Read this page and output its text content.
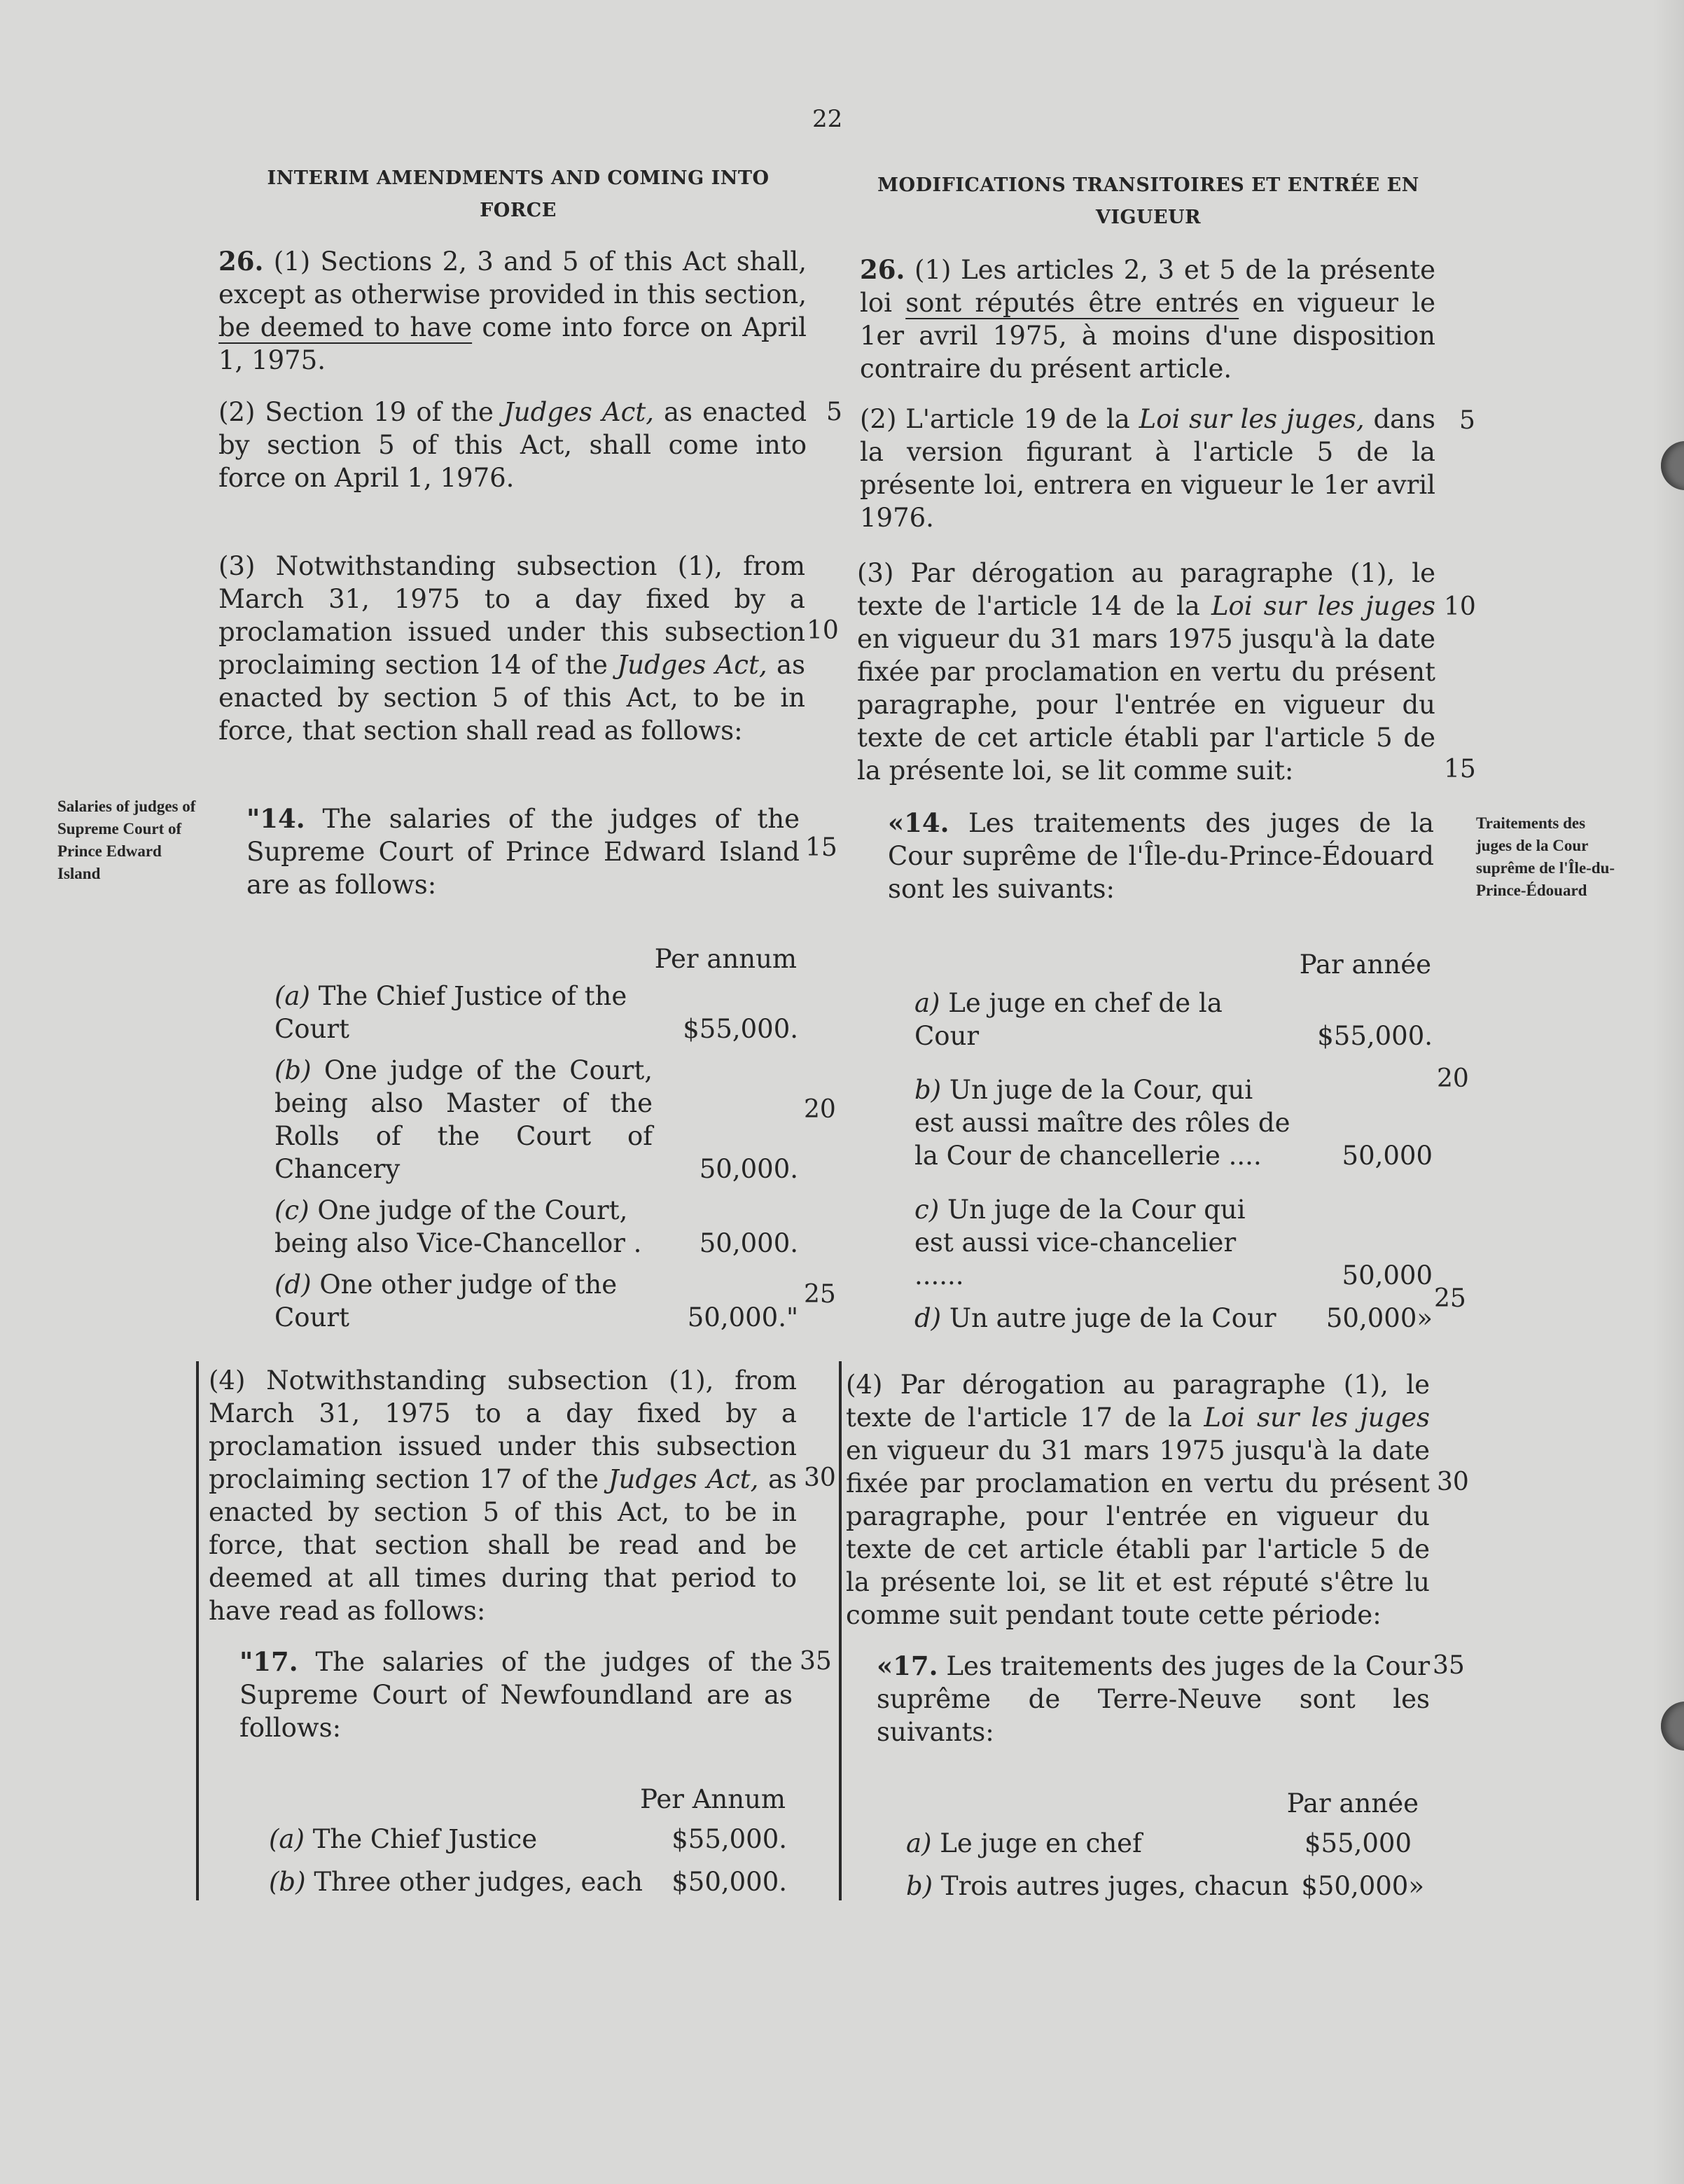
22
INTERIM AMENDMENTS AND COMING INTO FORCE
MODIFICATIONS TRANSITOIRES ET ENTRÉE EN VIGUEUR
Salaries of judges of Supreme Court of Prince Edward Island
Traitements des juges de la Cour suprême de l'Île-du-Prince-Édouard
5	5
10
10
15
15
20
20
25	25
30	30
35	35

26. (1) Sections 2, 3 and 5 of this Act shall, except as otherwise provided in this section, be deemed to have come into force on April 1, 1975.

(2) Section 19 of the Judges Act, as enacted by section 5 of this Act, shall come into force on April 1, 1976.

(3) Notwithstanding subsection (1), from March 31, 1975 to a day fixed by a proclamation issued under this subsection proclaiming section 14 of the Judges Act, as enacted by section 5 of this Act, to be in force, that section shall read as follows:

"14. The salaries of the judges of the Supreme Court of Prince Edward Island are as follows:

Per annum
(a) The Chief Justice of the Court	$55,000.
(b) One judge of the Court, being also Master of the Rolls of the Court of Chancery	50,000.
(c) One judge of the Court, being also Vice-Chancellor .	50,000.
(d) One other judge of the Court	50,000."

(4) Notwithstanding subsection (1), from March 31, 1975 to a day fixed by a proclamation issued under this subsection proclaiming section 17 of the Judges Act, as enacted by section 5 of this Act, to be in force, that section shall be read and be deemed at all times during that period to have read as follows:

"17. The salaries of the judges of the Supreme Court of Newfoundland are as follows:

Per Annum
(a) The Chief Justice	$55,000.
(b) Three other judges, each $50,000.

26. (1) Les articles 2, 3 et 5 de la présente loi sont réputés être entrés en vigueur le 1er avril 1975, à moins d'une disposition contraire du présent article.

(2) L'article 19 de la Loi sur les juges, dans la version figurant à l'article 5 de la présente loi, entrera en vigueur le 1er avril 1976.

(3) Par dérogation au paragraphe (1), le texte de l'article 14 de la Loi sur les juges en vigueur du 31 mars 1975 jusqu'à la date fixée par proclamation en vertu du présent paragraphe, pour l'entrée en vigueur du texte de cet article établi par l'article 5 de la présente loi, se lit comme suit:

«14. Les traitements des juges de la Cour suprême de l'Île-du-Prince-Édouard sont les suivants:

Par année
a) Le juge en chef de la Cour	$55,000.
b) Un juge de la Cour, qui est aussi maître des rôles de la Cour de chancellerie ....	50,000
c) Un juge de la Cour qui est aussi vice-chancelier ......	50,000
d) Un autre juge de la Cour	50,000»

(4) Par dérogation au paragraphe (1), le texte de l'article 17 de la Loi sur les juges en vigueur du 31 mars 1975 jusqu'à la date fixée par proclamation en vertu du présent paragraphe, pour l'entrée en vigueur du texte de cet article établi par l'article 5 de la présente loi, se lit et est réputé s'être lu comme suit pendant toute cette période:

«17. Les traitements des juges de la Cour suprême de Terre-Neuve sont les suivants:

Par année
a) Le juge en chef	$55,000
b) Trois autres juges, chacun $50,000»
